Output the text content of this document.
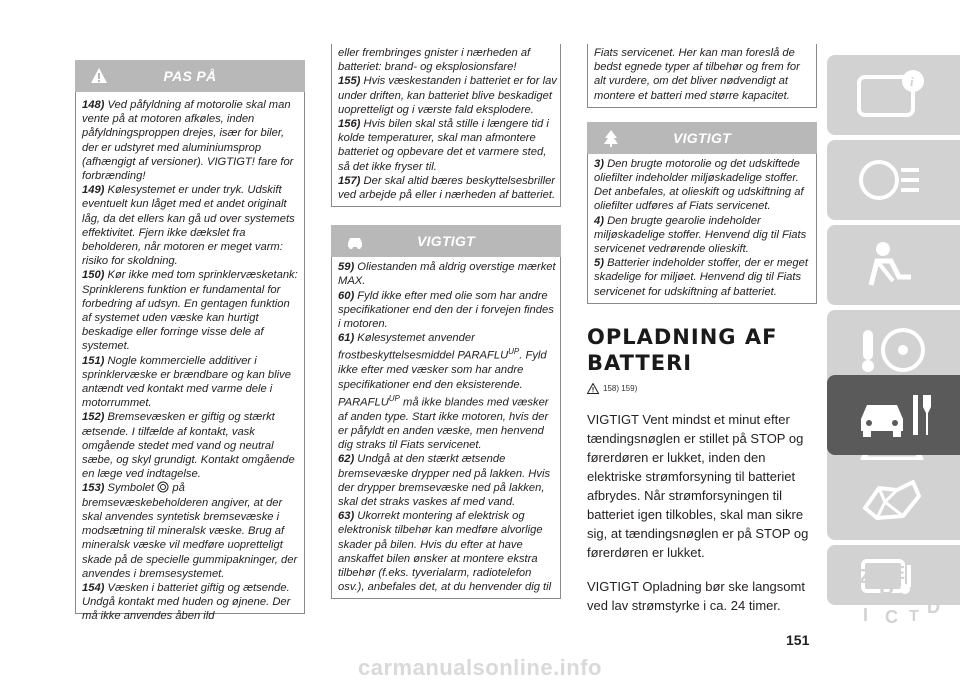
PAS PÅ

148) Ved påfyldning af motorolie skal man vente på at motoren afkøles, inden påfyldningsproppen drejes, især for biler, der er udstyret med aluminiumsprop (afhængigt af versioner). VIGTIGT! fare for forbrænding!

149) Kølesystemet er under tryk. Udskift eventuelt kun låget med et andet originalt låg, da det ellers kan gå ud over systemets effektivitet. Fjern ikke dækslet fra beholderen, når motoren er meget varm: risiko for skoldning.

150) Kør ikke med tom sprinklervæsketank: Sprinklerens funktion er fundamental for forbedring af udsyn. En gentagen funktion af systemet uden væske kan hurtigt beskadige eller forringe visse dele af systemet.

151) Nogle kommercielle additiver i sprinklervæske er brændbare og kan blive antændt ved kontakt med varme dele i motorrummet.

152) Bremsevæsken er giftig og stærkt ætsende. I tilfælde af kontakt, vask omgående stedet med vand og neutral sæbe, og skyl grundigt. Kontakt omgående en læge ved indtagelse.

153) Symbolet på bremsevæskebeholderen angiver, at der skal anvendes syntetisk bremsevæske i modsætning til mineralsk væske. Brug af mineralsk væske vil medføre uopretteligt skade på de specielle gummipakninger, der anvendes i bremsesystemet.

154) Væsken i batteriet giftig og ætsende. Undgå kontakt med huden og øjnene. Der må ikke anvendes åben ild

eller frembringes gnister i nærheden af batteriet: brand- og eksplosionsfare!

155) Hvis væskestanden i batteriet er for lav under driften, kan batteriet blive beskadiget uopretteligt og i værste fald eksplodere.

156) Hvis bilen skal stå stille i længere tid i kolde temperaturer, skal man afmontere batteriet og opbevare det et varmere sted, så det ikke fryser til.

157) Der skal altid bæres beskyttelsesbriller ved arbejde på eller i nærheden af batteriet.

VIGTIGT

59) Oliestanden må aldrig overstige mærket MAX.

60) Fyld ikke efter med olie som har andre specifikationer end den der i forvejen findes i motoren.

61) Kølesystemet anvender frostbeskyttelsesmiddel $PARAFLU^{UP}$. Fyld ikke efter med væsker som har andre specifikationer end den eksisterende. $PARAFLU^{UP}$ må ikke blandes med væsker af anden type. Start ikke motoren, hvis der er påfyldt en anden væske, men henvend dig straks til Fiats servicenet.

62) Undgå at den stærkt ætsende bremsevæske drypper ned på lakken. Hvis der drypper bremsevæske ned på lakken, skal det straks vaskes af med vand.

63) Ukorrekt montering af elektrisk og elektronisk tilbehør kan medføre alvorlige skader på bilen. Hvis du efter at have anskaffet bilen ønsker at montere ekstra tilbehør (f.eks. tyverialarm, radiotelefon osv.), anbefales det, at du henvender dig til

Fiats servicenet. Her kan man foreslå de bedst egnede typer af tilbehør og frem for alt vurdere, om det bliver nødvendigt at montere et batteri med større kapacitet.

VIGTIGT

3) Den brugte motorolie og det udskiftede oliefilter indeholder miljøskadelige stoffer. Det anbefales, at olieskift og udskiftning af oliefilter udføres af Fiats servicenet.

4) Den brugte gearolie indeholder miljøskadelige stoffer. Henvend dig til Fiats servicenet vedrørende olieskift.

5) Batterier indeholder stoffer, der er meget skadelige for miljøet. Henvend dig til Fiats servicenet for udskiftning af batteriet.

OPLADNING AF
BATTERI
158) 159)

VIGTIGT Vent mindst et minut efter tændingsnøglen er stillet på STOP og førerdøren er lukket, inden den elektriske strømforsyning til batteriet afbrydes. Når strømforsyningen til batteriet igen tilkobles, skal man sikre sig, at tændingsnøglen er på STOP og førerdøren er lukket.

VIGTIGT Opladning bør ske langsomt ved lav strømstyrke i ca. 24 timer.

151
i
Z E
B A
I C T D
carmanualsonline.info
